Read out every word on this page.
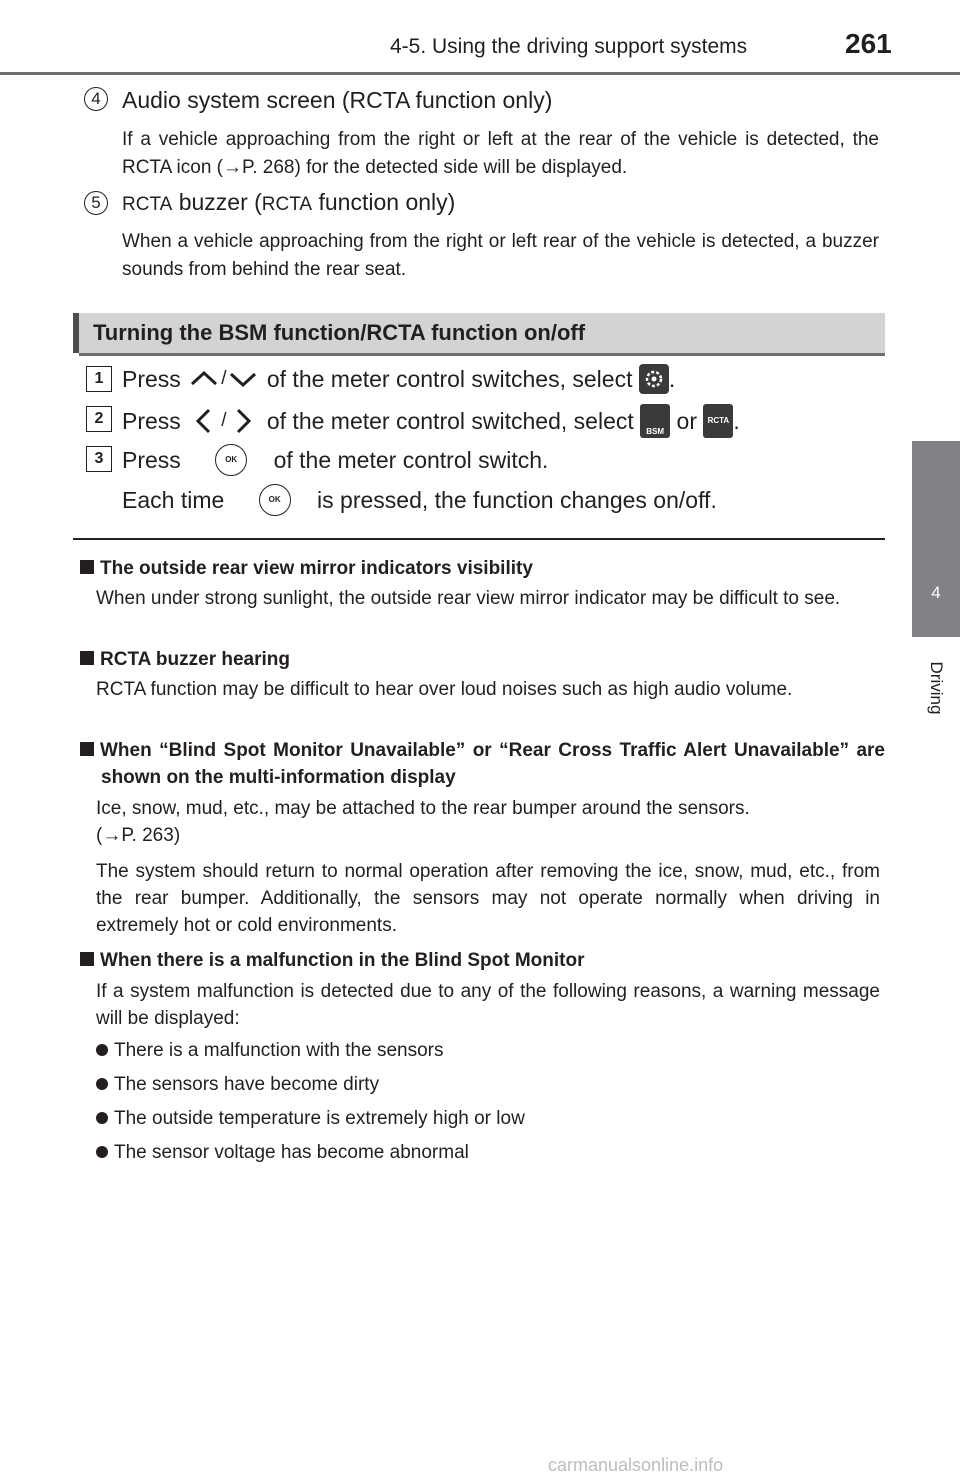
4-5. Using the driving support systems	261
4
Driving
4 Audio system screen (RCTA function only)
If a vehicle approaching from the right or left at the rear of the vehicle is detected, the RCTA icon (→P. 268) for the detected side will be displayed.
5	RCTA buzzer (RCTA function only)
When a vehicle approaching from the right or left rear of the vehicle is detected, a buzzer sounds from behind the rear seat.
Turning the BSM function/RCTA function on/off
1 Press / of the meter control switches, select .
2 Press / of the meter control switched, select	BSM or RCTA .
3 Press	OK of the meter control switch.
Each time	OK is pressed, the function changes on/off.
The outside rear view mirror indicators visibility
When under strong sunlight, the outside rear view mirror indicator may be difficult to see.
RCTA buzzer hearing
RCTA function may be difficult to hear over loud noises such as high audio volume.
When “Blind Spot Monitor Unavailable” or “Rear Cross Traffic Alert Unavailable” are shown on the multi-information display
Ice, snow, mud, etc., may be attached to the rear bumper around the sensors.
(→P. 263)
The system should return to normal operation after removing the ice, snow, mud, etc., from the rear bumper. Additionally, the sensors may not operate normally when driving in extremely hot or cold environments.
When there is a malfunction in the Blind Spot Monitor
If a system malfunction is detected due to any of the following reasons, a warning message will be displayed:
There is a malfunction with the sensors
The sensors have become dirty
The outside temperature is extremely high or low
The sensor voltage has become abnormal
carmanualsonline.info
